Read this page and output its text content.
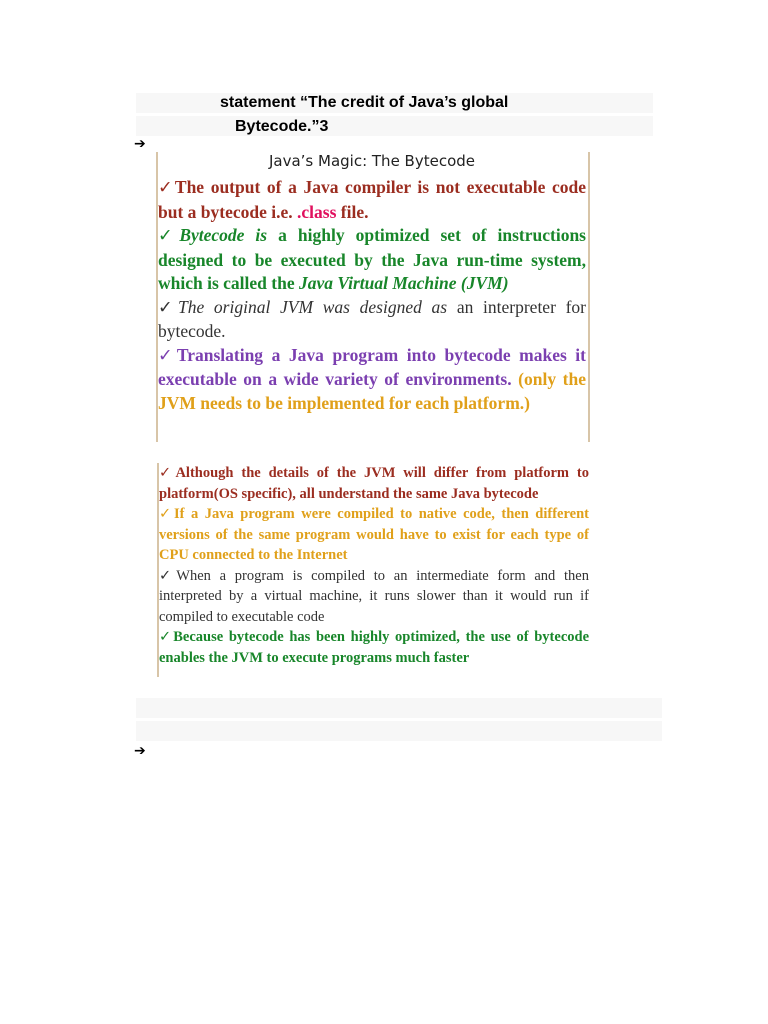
statement “The credit of Java’s global
Bytecode.”3
➔
Java’s Magic: The Bytecode

✓The output of a Java compiler is not executable code but a bytecode i.e. .class file.

✓Bytecode is a highly optimized set of instructions designed to be executed by the Java run-time system, which is called the Java Virtual Machine (JVM)

✓The original JVM was designed as an interpreter for bytecode.

✓Translating a Java program into bytecode makes it executable on a wide variety of environments. (only the JVM needs to be implemented for each platform.)

✓Although the details of the JVM will differ from platform to platform(OS specific), all understand the same Java bytecode

✓If a Java program were compiled to native code, then different versions of the same program would have to exist for each type of CPU connected to the Internet

✓When a program is compiled to an intermediate form and then interpreted by a virtual machine, it runs slower than it would run if compiled to executable code

✓Because bytecode has been highly optimized, the use of bytecode enables the JVM to execute programs much faster

➔
